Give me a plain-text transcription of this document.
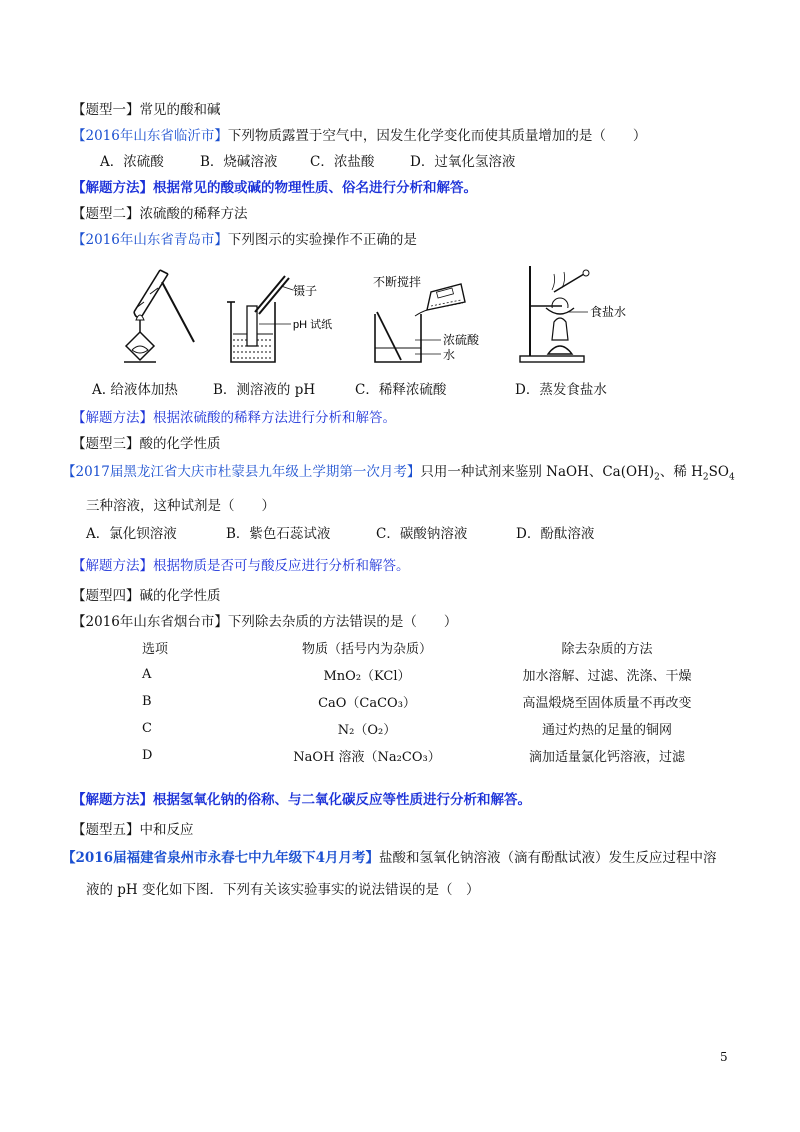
【题型一】常见的酸和碱
【2016年山东省临沂市】下列物质露置于空气中，因发生化学变化而使其质量增加的是（　　）
A．浓硫酸	B．烧碱溶液 C．浓盐酸	D．过氧化氢溶液
【解题方法】根据常见的酸或碱的物理性质、俗名进行分析和解答。
【题型二】浓硫酸的稀释方法
【2016年山东省青岛市】下列图示的实验操作不正确的是
镊子
pH 试纸
不断搅拌
浓硫酸
水
食盐水
A. 给液体加热	B．测溶液的 pH	C．稀释浓硫酸	D．蒸发食盐水
【解题方法】根据浓硫酸的稀释方法进行分析和解答。
【题型三】酸的化学性质
【2017届黑龙江省大庆市杜蒙县九年级上学期第一次月考】只用一种试剂来鉴别 NaOH、$Ca(OH)_2$、稀 $H_2SO_4$
三种溶液，这种试剂是（　　）
A．氯化钡溶液	B．紫色石蕊试液	C．碳酸钠溶液	D．酚酞溶液
【解题方法】根据物质是否可与酸反应进行分析和解答。
【题型四】碱的化学性质
【2016年山东省烟台市】下列除去杂质的方法错误的是（　　）
选项	物质（括号内为杂质）	除去杂质的方法
A	MnO₂（KCl）	加水溶解、过滤、洗涤、干燥
B	CaO（CaCO₃）	高温煅烧至固体质量不再改变
C	N₂（O₂）	通过灼热的足量的铜网
D	NaOH 溶液（Na₂CO₃）	滴加适量氯化钙溶液，过滤
【解题方法】根据氢氧化钠的俗称、与二氧化碳反应等性质进行分析和解答。
【题型五】中和反应
【2016届福建省泉州市永春七中九年级下4月月考】盐酸和氢氧化钠溶液（滴有酚酞试液）发生反应过程中溶
液的 pH 变化如下图．下列有关该实验事实的说法错误的是（　）
5
